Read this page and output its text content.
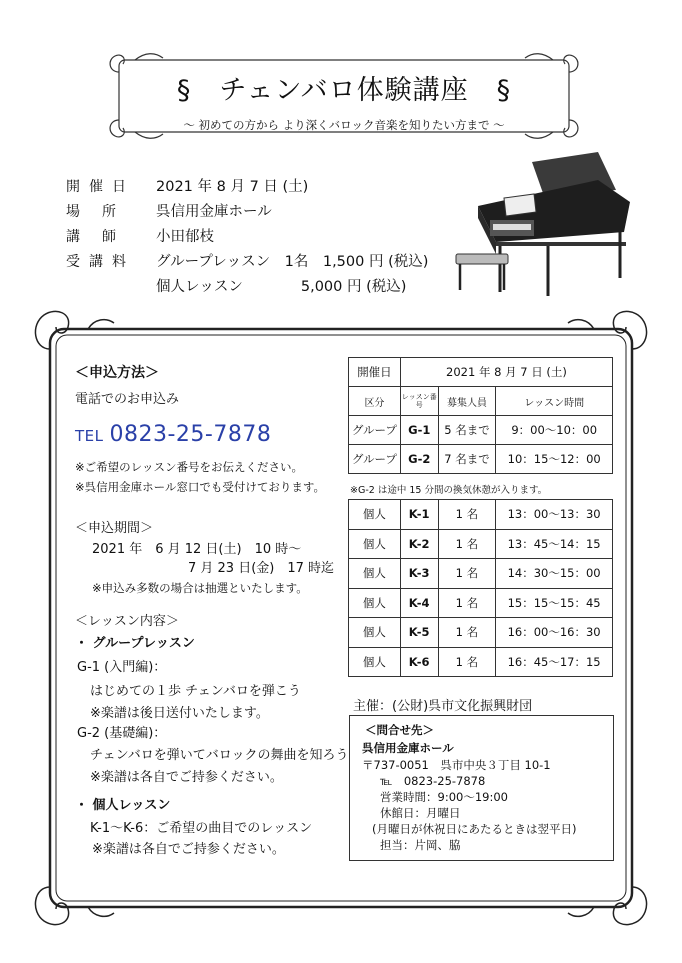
§　チェンバロ体験講座　§
～ 初めての方から より深くバロック音楽を知りたい方まで ～
開催日 2021 年 8 月 7 日 (土)
場　所 呉信用金庫ホール
講　師 小田郁枝
受講料 グループレッスン　1名　1,500 円 (税込)
個人レッスン　　　　5,000 円 (税込)
＜申込方法＞
電話でのお申込み
TEL 0823-25-7878
※ご希望のレッスン番号をお伝えください。
※呉信用金庫ホール窓口でも受付けております。
＜申込期間＞
2021 年　6 月 12 日(土)　10 時～
7 月 23 日(金)　17 時迄
※申込み多数の場合は抽選といたします。
＜レッスン内容＞
・ グループレッスン
G-1 (入門編)：
はじめての１歩 チェンバロを弾こう
※楽譜は後日送付いたします。
G-2 (基礎編)：
チェンバロを弾いてバロックの舞曲を知ろう
※楽譜は各自でご持参ください。
・ 個人レッスン
K-1～K-6：ご希望の曲目でのレッスン
※楽譜は各自でご持参ください。
開催日	2021 年 8 月 7 日 (土)		
区分	レッスン番号	募集人員	レッスン時間
グループ	G-1	5 名まで	9：00～10：00
グループ	G-2	7 名まで	10：15～12：00
※G-2 は途中 15 分間の換気休憩が入ります。
個人	K-1	1 名	13：00～13：30
個人	K-2	1 名	13：45～14：15
個人	K-3	1 名	14：30～15：00
個人	K-4	1 名	15：15～15：45
個人	K-5	1 名	16：00～16：30
個人	K-6	1 名	16：45～17：15
主催：(公財)呉市文化振興財団
＜問合せ先＞
呉信用金庫ホール
〒737-0051　呉市中央３丁目 10-1
℡　0823-25-7878
営業時間：9:00～19:00
休館日：月曜日
(月曜日が休祝日にあたるときは翌平日)
担当：片岡、脇
